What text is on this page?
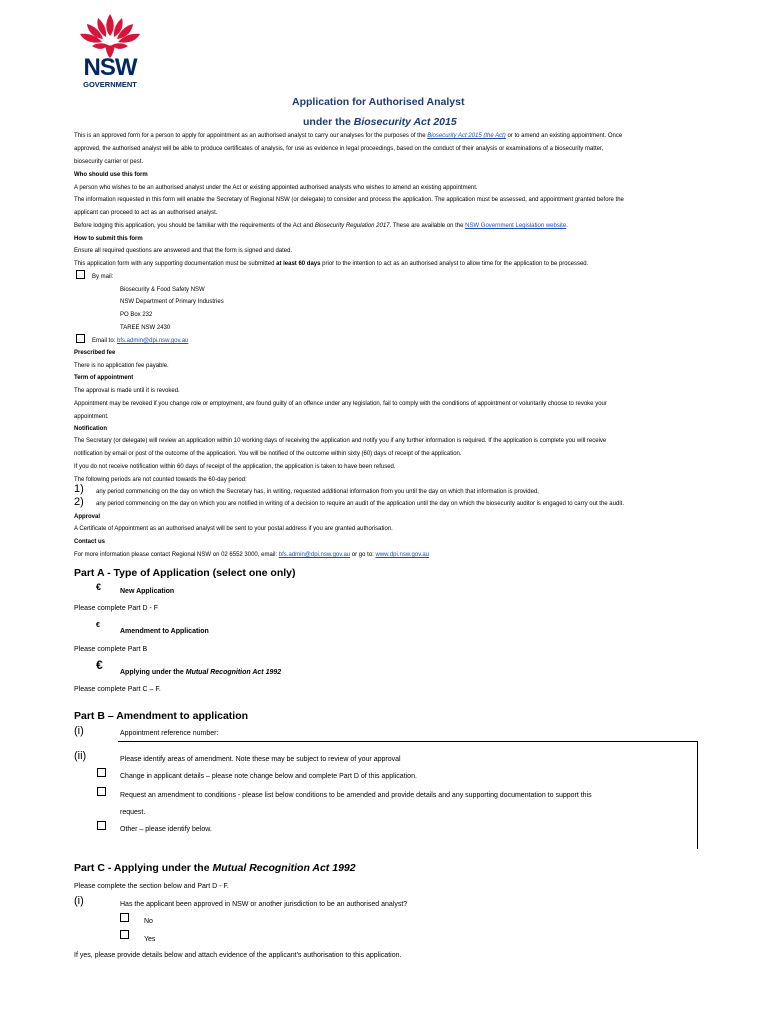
NSW
GOVERNMENT
Application for Authorised Analyst
under the Biosecurity Act 2015
This is an approved form for a person to apply for appointment as an authorised analyst to carry our analyses for the purposes of the Biosecurity Act 2015 (the Act) or to amend an existing appointment. Once
approved, the authorised analyst will be able to produce certificates of analysis, for use as evidence in legal proceedings, based on the conduct of their analysis or examinations of a biosecurity matter,
biosecurity carrier or pest.
Who should use this form
A person who wishes to be an authorised analyst under the Act or existing appointed authorised analysts who wishes to amend an existing appointment.
The information requested in this form will enable the Secretary of Regional NSW (or delegate) to consider and process the application. The application must be assessed, and appointment granted before the
applicant can proceed to act as an authorised analyst.
Before lodging this application, you should be familiar with the requirements of the Act and Biosecurity Regulation 2017. These are available on the NSW Government Legislation website.
How to submit this form
Ensure all required questions are answered and that the form is signed and dated.
This application form with any supporting documentation must be submitted at least 60 days prior to the intention to act as an authorised analyst to allow time for the application to be processed.
By mail:
Biosecurity & Food Safety NSW
NSW Department of Primary Industries
PO Box 232
TAREE NSW 2430
Email to: bfs.admin@dpi.nsw.gov.au
Prescribed fee
There is no application fee payable.
Term of appointment
The approval is made until it is revoked.
Appointment may be revoked if you change role or employment, are found guilty of an offence under any legislation, fail to comply with the conditions of appointment or voluntarily choose to revoke your
appointment.
Notification
The Secretary (or delegate) will review an application within 10 working days of receiving the application and notify you if any further information is required. If the application is complete you will receive
notification by email or post of the outcome of the application. You will be notified of the outcome within sixty (60) days of receipt of the application.
If you do not receive notification within 60 days of receipt of the application, the application is taken to have been refused.
The following periods are not counted towards the 60-day period:
1) any period commencing on the day on which the Secretary has, in writing, requested additional information from you until the day on which that information is provided,
2) any period commencing on the day on which you are notified in writing of a decision to require an audit of the application until the day on which the biosecurity auditor is engaged to carry out the audit.
Approval
A Certificate of Appointment as an authorised analyst will be sent to your postal address if you are granted authorisation.
Contact us
For more information please contact Regional NSW on 02 6552 3000, email: bfs.admin@dpi.nsw.gov.au or go to: www.dpi.nsw.gov.au
Part A - Type of Application (select one only)
€	New Application
Please complete Part D - F
€
Amendment to Application
Please complete Part B
€
Applying under the Mutual Recognition Act 1992
Please complete Part C – F.
Part B – Amendment to application
(i)	Appointment reference number:
(ii)	Please identify areas of amendment. Note these may be subject to review of your approval
Change in applicant details – please note change below and complete Part D of this application.
Request an amendment to conditions - please list below conditions to be amended and provide details and any supporting documentation to support this
request.
Other – please identify below.
Part C - Applying under the Mutual Recognition Act 1992
Please complete the section below and Part D - F.
(i)	Has the applicant been approved in NSW or another jurisdiction to be an authorised analyst?
No
Yes
If yes, please provide details below and attach evidence of the applicant's authorisation to this application.
